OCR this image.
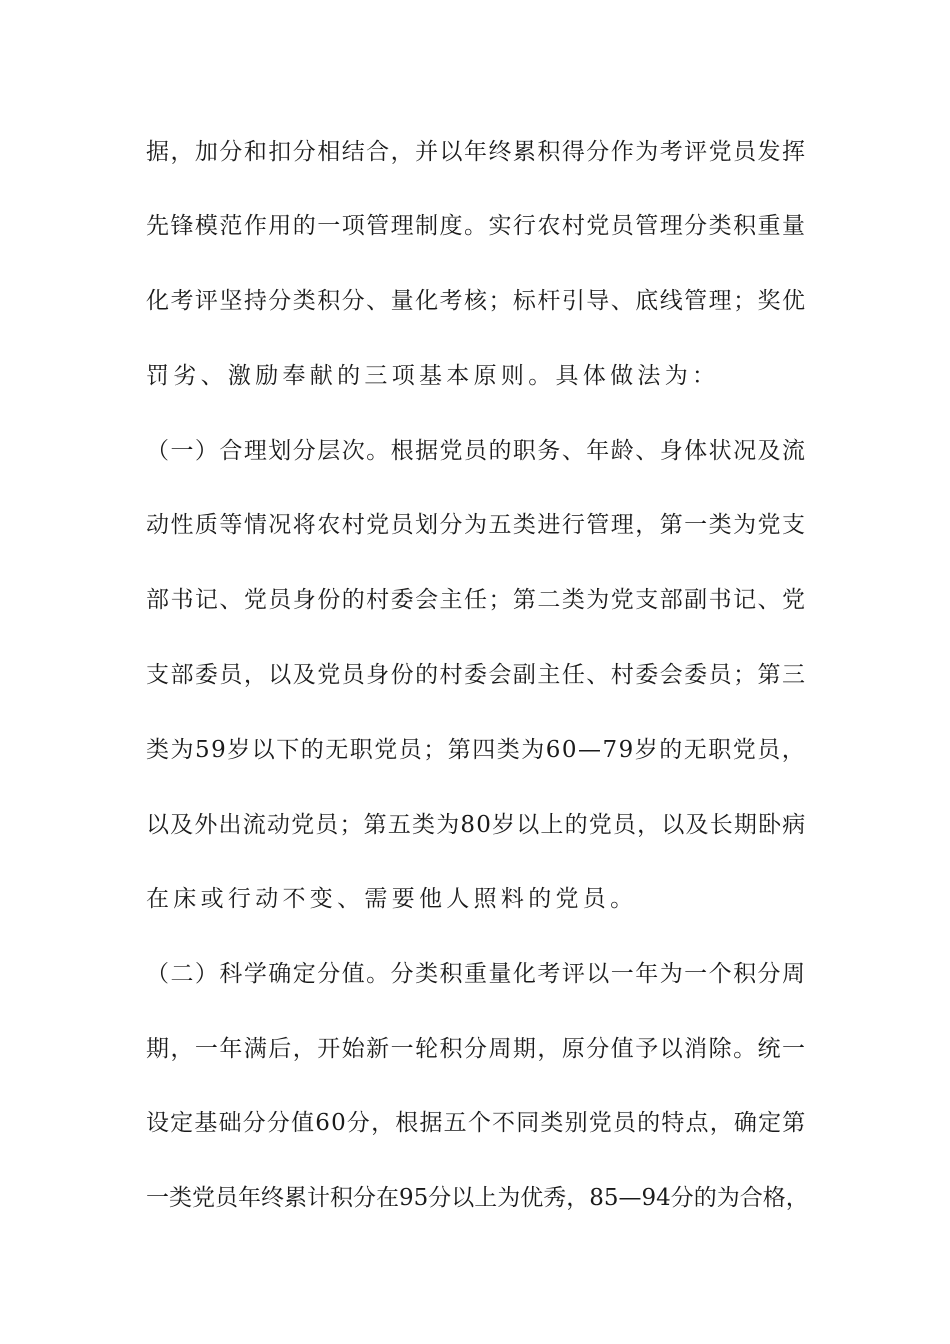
据，加分和扣分相结合，并以年终累积得分作为考评党员发挥
先锋模范作用的一项管理制度。实行农村党员管理分类积重量
化考评坚持分类积分、量化考核；标杆引导、底线管理；奖优
罚劣、激励奉献的三项基本原则。具体做法为：
（一）合理划分层次。根据党员的职务、年龄、身体状况及流
动性质等情况将农村党员划分为五类进行管理，第一类为党支
部书记、党员身份的村委会主任；第二类为党支部副书记、党
支部委员，以及党员身份的村委会副主任、村委会委员；第三
类为59岁以下的无职党员；第四类为60—79岁的无职党员，
以及外出流动党员；第五类为80岁以上的党员，以及长期卧病
在床或行动不变、需要他人照料的党员。
（二）科学确定分值。分类积重量化考评以一年为一个积分周
期，一年满后，开始新一轮积分周期，原分值予以消除。统一
设定基础分分值60分，根据五个不同类别党员的特点，确定第
一类党员年终累计积分在95分以上为优秀，85—94分的为合格，
